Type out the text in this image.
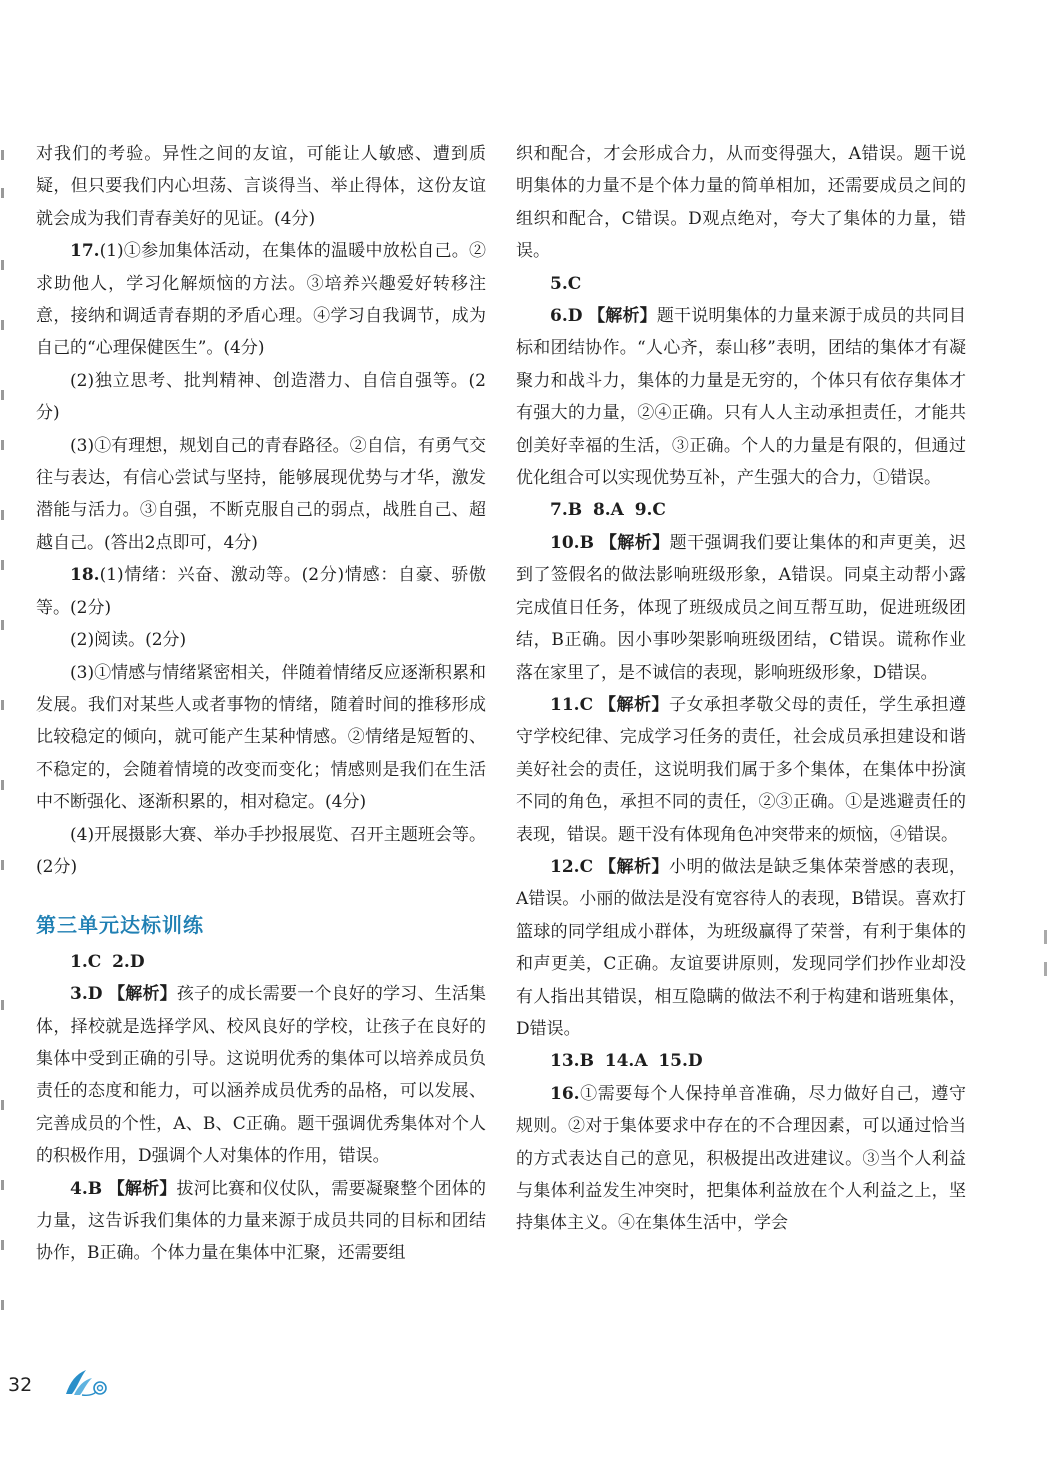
对我们的考验。异性之间的友谊，可能让人敏感、遭到质疑，但只要我们内心坦荡、言谈得当、举止得体，这份友谊就会成为我们青春美好的见证。(4分)

17.(1)①参加集体活动，在集体的温暖中放松自己。②求助他人，学习化解烦恼的方法。③培养兴趣爱好转移注意，接纳和调适青春期的矛盾心理。④学习自我调节，成为自己的“心理保健医生”。(4分)

(2)独立思考、批判精神、创造潜力、自信自强等。(2分)

(3)①有理想，规划自己的青春路径。②自信，有勇气交往与表达，有信心尝试与坚持，能够展现优势与才华，激发潜能与活力。③自强，不断克服自己的弱点，战胜自己、超越自己。(答出2点即可，4分)

18.(1)情绪：兴奋、激动等。(2分)情感：自豪、骄傲等。(2分)

(2)阅读。(2分)

(3)①情感与情绪紧密相关，伴随着情绪反应逐渐积累和发展。我们对某些人或者事物的情绪，随着时间的推移形成比较稳定的倾向，就可能产生某种情感。②情绪是短暂的、不稳定的，会随着情境的改变而变化；情感则是我们在生活中不断强化、逐渐积累的，相对稳定。(4分)

(4)开展摄影大赛、举办手抄报展览、召开主题班会等。(2分)

第三单元达标训练

1.C 2.D

3.D 【解析】孩子的成长需要一个良好的学习、生活集体，择校就是选择学风、校风良好的学校，让孩子在良好的集体中受到正确的引导。这说明优秀的集体可以培养成员负责任的态度和能力，可以涵养成员优秀的品格，可以发展、完善成员的个性，A、B、C正确。题干强调优秀集体对个人的积极作用，D强调个人对集体的作用，错误。

4.B 【解析】拔河比赛和仪仗队，需要凝聚整个团体的力量，这告诉我们集体的力量来源于成员共同的目标和团结协作，B正确。个体力量在集体中汇聚，还需要组

织和配合，才会形成合力，从而变得强大，A错误。题干说明集体的力量不是个体力量的简单相加，还需要成员之间的组织和配合，C错误。D观点绝对，夸大了集体的力量，错误。

5.C

6.D 【解析】题干说明集体的力量来源于成员的共同目标和团结协作。“人心齐，泰山移”表明，团结的集体才有凝聚力和战斗力，集体的力量是无穷的，个体只有依存集体才有强大的力量，②④正确。只有人人主动承担责任，才能共创美好幸福的生活，③正确。个人的力量是有限的，但通过优化组合可以实现优势互补，产生强大的合力，①错误。

7.B 8.A 9.C

10.B 【解析】题干强调我们要让集体的和声更美，迟到了签假名的做法影响班级形象，A错误。同桌主动帮小露完成值日任务，体现了班级成员之间互帮互助，促进班级团结，B正确。因小事吵架影响班级团结，C错误。谎称作业落在家里了，是不诚信的表现，影响班级形象，D错误。

11.C 【解析】子女承担孝敬父母的责任，学生承担遵守学校纪律、完成学习任务的责任，社会成员承担建设和谐美好社会的责任，这说明我们属于多个集体，在集体中扮演不同的角色，承担不同的责任，②③正确。①是逃避责任的表现，错误。题干没有体现角色冲突带来的烦恼，④错误。

12.C 【解析】小明的做法是缺乏集体荣誉感的表现，A错误。小丽的做法是没有宽容待人的表现，B错误。喜欢打篮球的同学组成小群体，为班级赢得了荣誉，有利于集体的和声更美，C正确。友谊要讲原则，发现同学们抄作业却没有人指出其错误，相互隐瞒的做法不利于构建和谐班集体，D错误。

13.B 14.A 15.D

16.①需要每个人保持单音准确，尽力做好自己，遵守规则。②对于集体要求中存在的不合理因素，可以通过恰当的方式表达自己的意见，积极提出改进建议。③当个人利益与集体利益发生冲突时，把集体利益放在个人利益之上，坚持集体主义。④在集体生活中，学会

32
